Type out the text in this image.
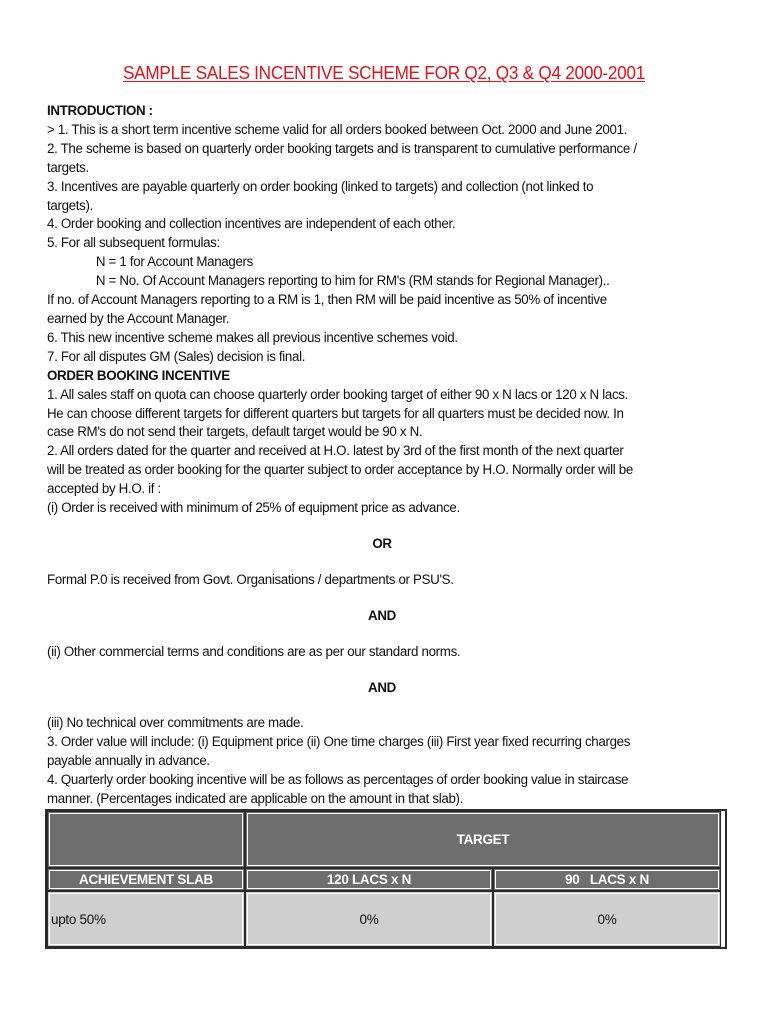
SAMPLE SALES INCENTIVE SCHEME FOR Q2, Q3 & Q4 2000-2001

INTRODUCTION :

> 1. This is a short term incentive scheme valid for all orders booked between Oct. 2000 and June 2001.

2. The scheme is based on quarterly order booking targets and is transparent to cumulative performance /

targets.

3. Incentives are payable quarterly on order booking (linked to targets) and collection (not linked to

targets).

4. Order booking and collection incentives are independent of each other.

5. For all subsequent formulas:

N = 1 for Account Managers

N = No. Of Account Managers reporting to him for RM's (RM stands for Regional Manager)..

If no. of Account Managers reporting to a RM is 1, then RM will be paid incentive as 50% of incentive

earned by the Account Manager.

6. This new incentive scheme makes all previous incentive schemes void.

7. For all disputes GM (Sales) decision is final.

ORDER BOOKING INCENTIVE

1. All sales staff on quota can choose quarterly order booking target of either 90 x N lacs or 120 x N lacs.

He can choose different targets for different quarters but targets for all quarters must be decided now. In

case RM's do not send their targets, default target would be 90 x N.

2. All orders dated for the quarter and received at H.O. latest by 3rd of the first month of the next quarter

will be treated as order booking for the quarter subject to order acceptance by H.O. Normally order will be

accepted by H.O. if :

(i) Order is received with minimum of 25% of equipment price as advance.

OR

Formal P.0 is received from Govt. Organisations / departments or PSU'S.

AND

(ii) Other commercial terms and conditions are as per our standard norms.

AND

(iii) No technical over commitments are made.

3. Order value will include: (i) Equipment price (ii) One time charges (iii) First year fixed recurring charges

payable annually in advance.

4. Quarterly order booking incentive will be as follows as percentages of order booking value in staircase

manner. (Percentages indicated are applicable on the amount in that slab).

TARGET
ACHIEVEMENT SLAB	120 LACS x N	90   LACS x N
upto 50%	0%	0%
